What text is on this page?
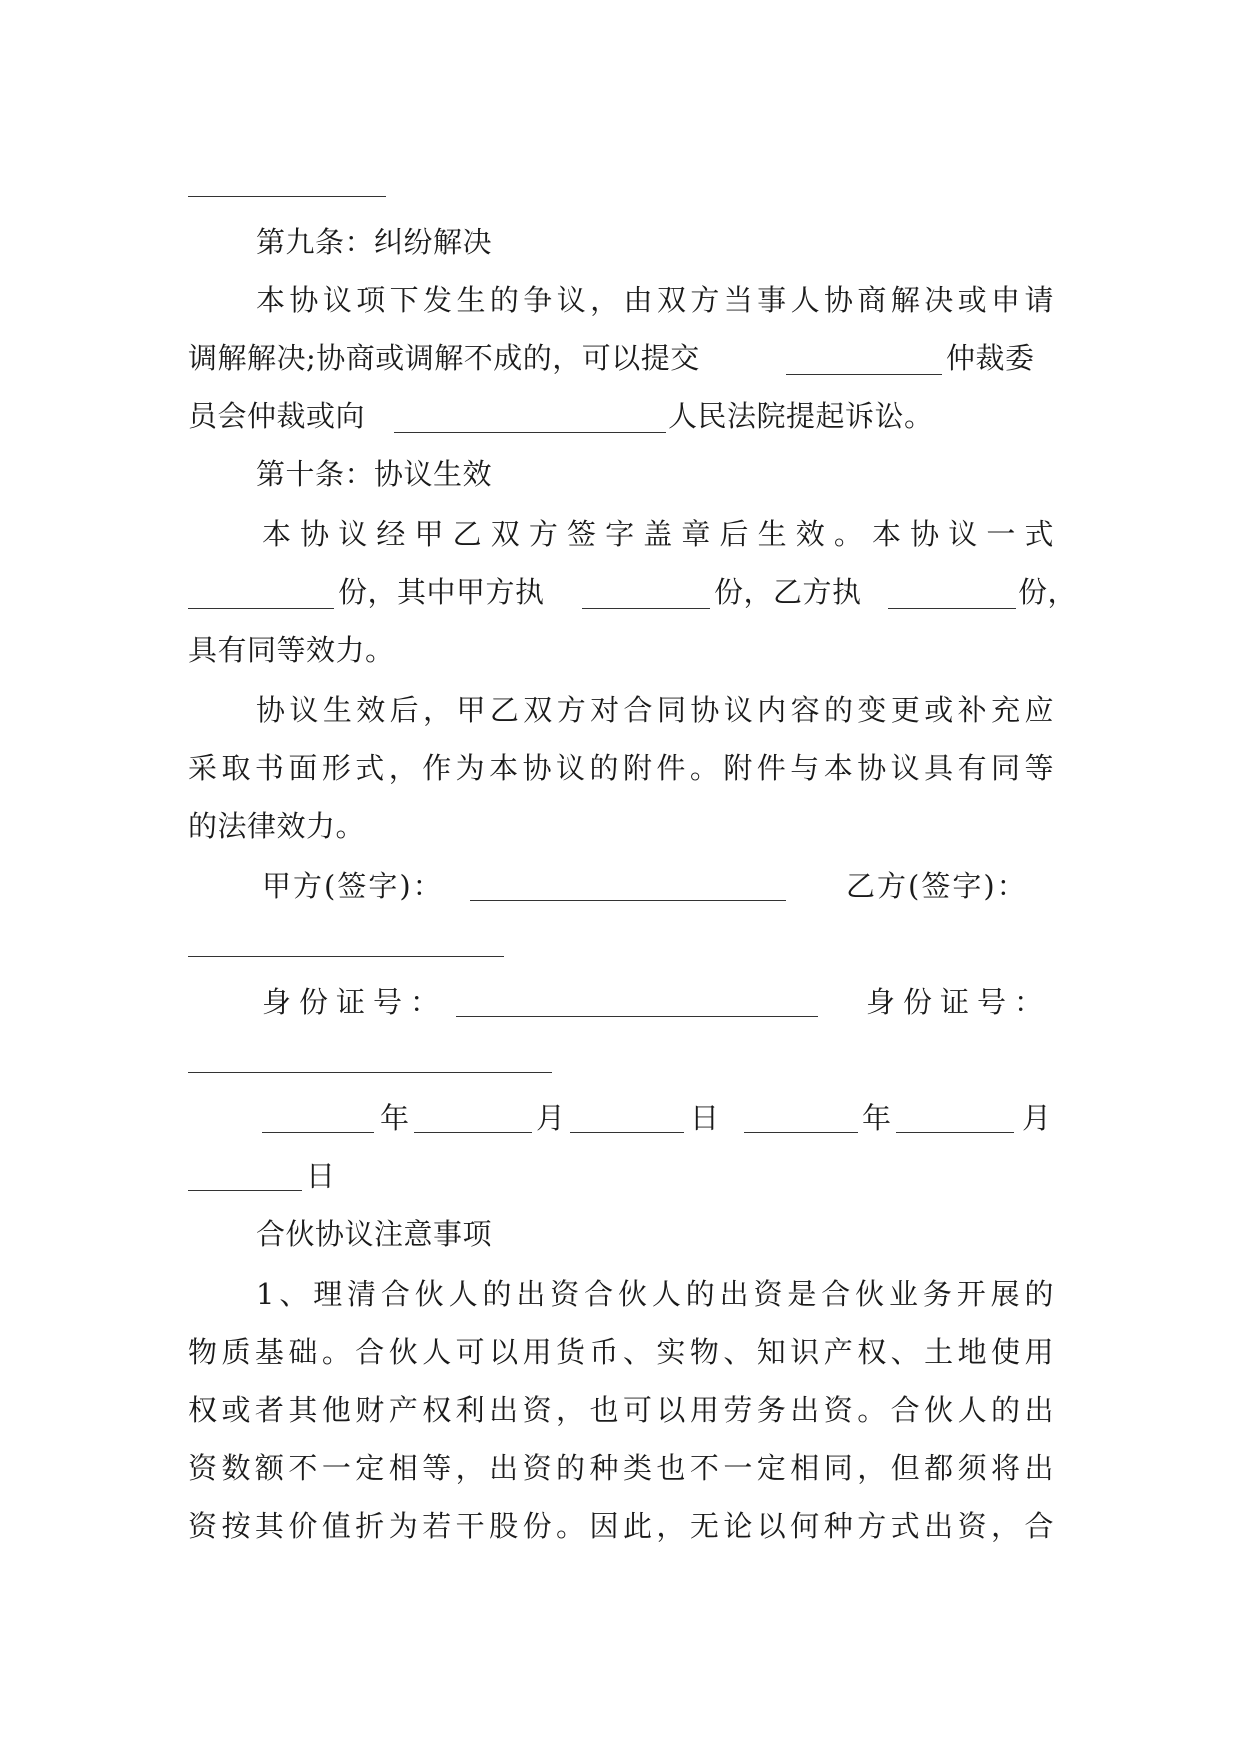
第九条：纠纷解决
本协议项下发生的争议，由双方当事人协商解决或申请
调解解决;协商或调解不成的，可以提交	仲裁委
员会仲裁或向	人民法院提起诉讼。
第十条：协议生效
本协议经甲乙双方签字盖章后生效。本协议一式
份，其中甲方执	份，乙方执	份，
具有同等效力。
协议生效后，甲乙双方对合同协议内容的变更或补充应
采取书面形式，作为本协议的附件。附件与本协议具有同等
的法律效力。
甲方(签字)：	乙方(签字)：
身份证号：	身份证号：
年	月	日	年	月
日
合伙协议注意事项
1、理清合伙人的出资合伙人的出资是合伙业务开展的
物质基础。合伙人可以用货币、实物、知识产权、土地使用
权或者其他财产权利出资，也可以用劳务出资。合伙人的出
资数额不一定相等，出资的种类也不一定相同，但都须将出
资按其价值折为若干股份。因此，无论以何种方式出资，合
